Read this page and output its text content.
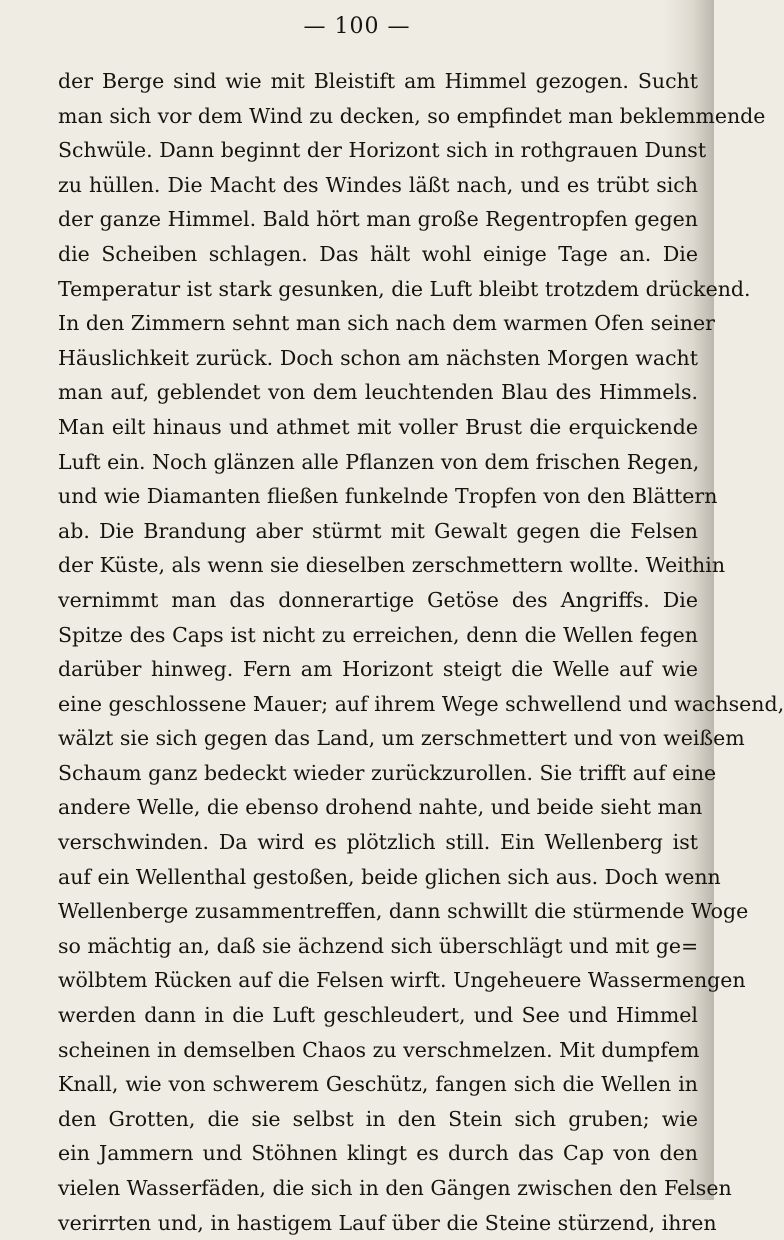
— 100 —
der Berge sind wie mit Bleistift am Himmel gezogen. Sucht
man sich vor dem Wind zu decken, so empfindet man beklemmende
Schwüle. Dann beginnt der Horizont sich in rothgrauen Dunst
zu hüllen. Die Macht des Windes läßt nach, und es trübt sich
der ganze Himmel. Bald hört man große Regentropfen gegen
die Scheiben schlagen. Das hält wohl einige Tage an. Die
Temperatur ist stark gesunken, die Luft bleibt trotzdem drückend.
In den Zimmern sehnt man sich nach dem warmen Ofen seiner
Häuslichkeit zurück. Doch schon am nächsten Morgen wacht
man auf, geblendet von dem leuchtenden Blau des Himmels.
Man eilt hinaus und athmet mit voller Brust die erquickende
Luft ein. Noch glänzen alle Pflanzen von dem frischen Regen,
und wie Diamanten fließen funkelnde Tropfen von den Blättern
ab. Die Brandung aber stürmt mit Gewalt gegen die Felsen
der Küste, als wenn sie dieselben zerschmettern wollte. Weithin
vernimmt man das donnerartige Getöse des Angriffs. Die
Spitze des Caps ist nicht zu erreichen, denn die Wellen fegen
darüber hinweg. Fern am Horizont steigt die Welle auf wie
eine geschlossene Mauer; auf ihrem Wege schwellend und wachsend,
wälzt sie sich gegen das Land, um zerschmettert und von weißem
Schaum ganz bedeckt wieder zurückzurollen. Sie trifft auf eine
andere Welle, die ebenso drohend nahte, und beide sieht man
verschwinden. Da wird es plötzlich still. Ein Wellenberg ist
auf ein Wellenthal gestoßen, beide glichen sich aus. Doch wenn
Wellenberge zusammentreffen, dann schwillt die stürmende Woge
so mächtig an, daß sie ächzend sich überschlägt und mit ge=
wölbtem Rücken auf die Felsen wirft. Ungeheuere Wassermengen
werden dann in die Luft geschleudert, und See und Himmel
scheinen in demselben Chaos zu verschmelzen. Mit dumpfem
Knall, wie von schwerem Geschütz, fangen sich die Wellen in
den Grotten, die sie selbst in den Stein sich gruben; wie
ein Jammern und Stöhnen klingt es durch das Cap von den
vielen Wasserfäden, die sich in den Gängen zwischen den Felsen
verirrten und, in hastigem Lauf über die Steine stürzend, ihren
